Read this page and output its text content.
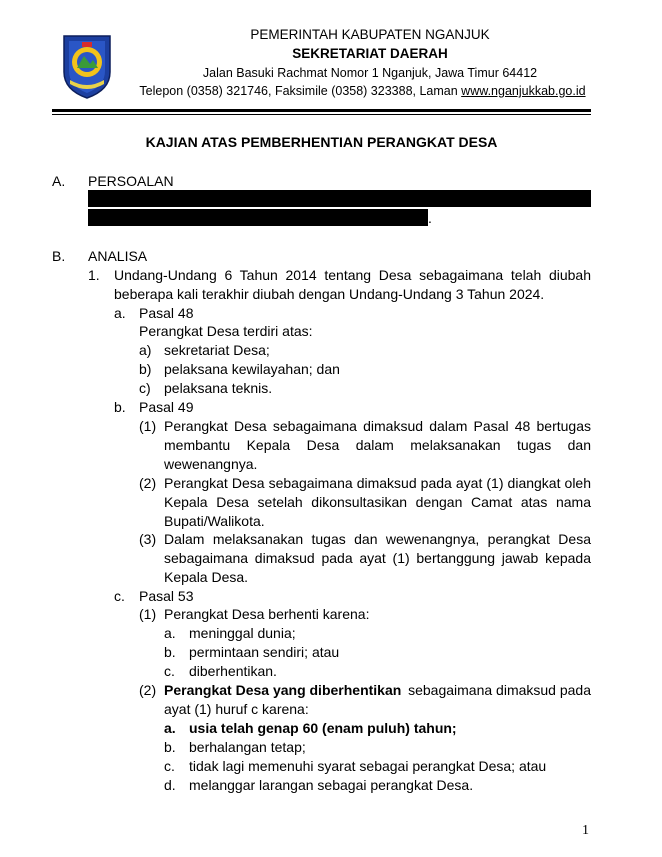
PEMERINTAH KABUPATEN NGANJUK
SEKRETARIAT DAERAH
Jalan Basuki Rachmat Nomor 1 Nganjuk, Jawa Timur 64412
Telepon (0358) 321746, Faksimile (0358) 323388, Laman www.nganjukkab.go.id
KAJIAN ATAS PEMBERHENTIAN PERANGKAT DESA
A. PERSOALAN
.
B. ANALISA
1. Undang-Undang 6 Tahun 2014 tentang Desa sebagaimana telah diubah
beberapa kali terakhir diubah dengan Undang-Undang 3 Tahun 2024.
a. Pasal 48
Perangkat Desa terdiri atas:
a) sekretariat Desa;
b) pelaksana kewilayahan; dan
c) pelaksana teknis.
b. Pasal 49
(1) Perangkat Desa sebagaimana dimaksud dalam Pasal 48 bertugas
membantu Kepala Desa dalam melaksanakan tugas dan
wewenangnya.
(2) Perangkat Desa sebagaimana dimaksud pada ayat (1) diangkat oleh
Kepala Desa setelah dikonsultasikan dengan Camat atas nama
Bupati/Walikota.
(3) Dalam melaksanakan tugas dan wewenangnya, perangkat Desa
sebagaimana dimaksud pada ayat (1) bertanggung jawab kepada
Kepala Desa.
c. Pasal 53
(1) Perangkat Desa berhenti karena:
a. meninggal dunia;
b. permintaan sendiri; atau
c. diberhentikan.
(2) Perangkat Desa yang diberhentikan sebagaimana dimaksud pada
ayat (1) huruf c karena:
a. usia telah genap 60 (enam puluh) tahun;
b. berhalangan tetap;
c. tidak lagi memenuhi syarat sebagai perangkat Desa; atau
d. melanggar larangan sebagai perangkat Desa.
1
